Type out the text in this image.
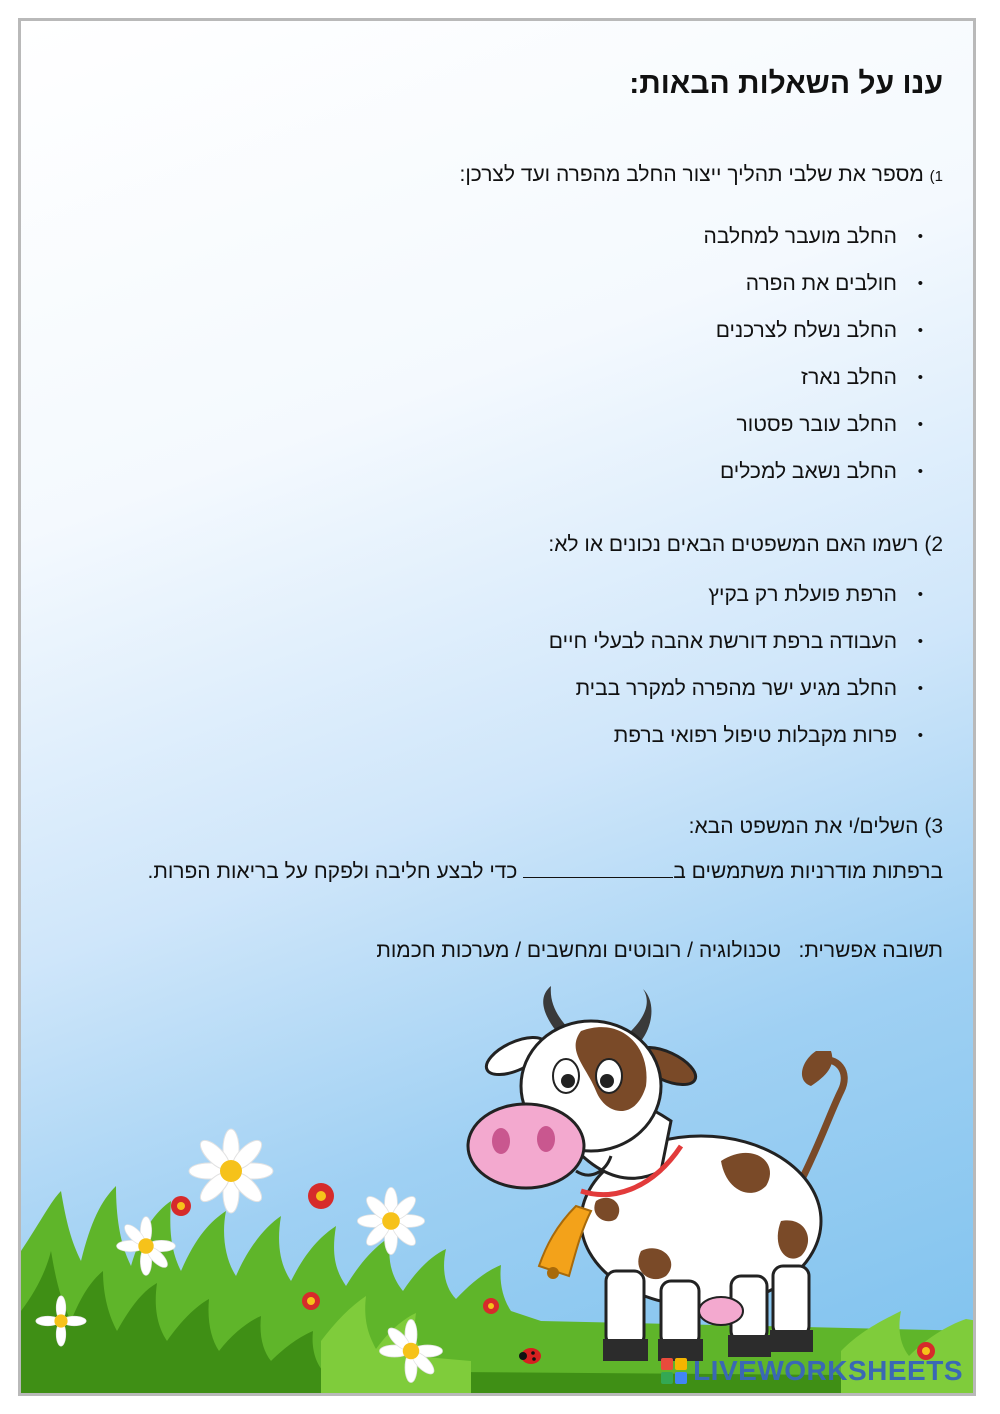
ענו על השאלות הבאות:

1) מספר את שלבי תהליך ייצור החלב מהפרה ועד לצרכן:

• החלב מועבר למחלבה
• חולבים את הפרה
• החלב נשלח לצרכנים
• החלב נארז
• החלב עובר פסטור
• החלב נשאב למכלים

2) רשמו האם המשפטים הבאים נכונים או לא:

• הרפת פועלת רק בקיץ
• העבודה ברפת דורשת אהבה לבעלי חיים
• החלב מגיע ישר מהפרה למקרר בבית
• פרות מקבלות טיפול רפואי ברפת

3) השלים/י את המשפט הבא:

ברפתות מודרניות משתמשים ב כדי לבצע חליבה ולפקח על בריאות הפרות.

תשובה אפשרית:   טכנולוגיה / רובוטים ומחשבים / מערכות חכמות

LIVEWORKSHEETS
